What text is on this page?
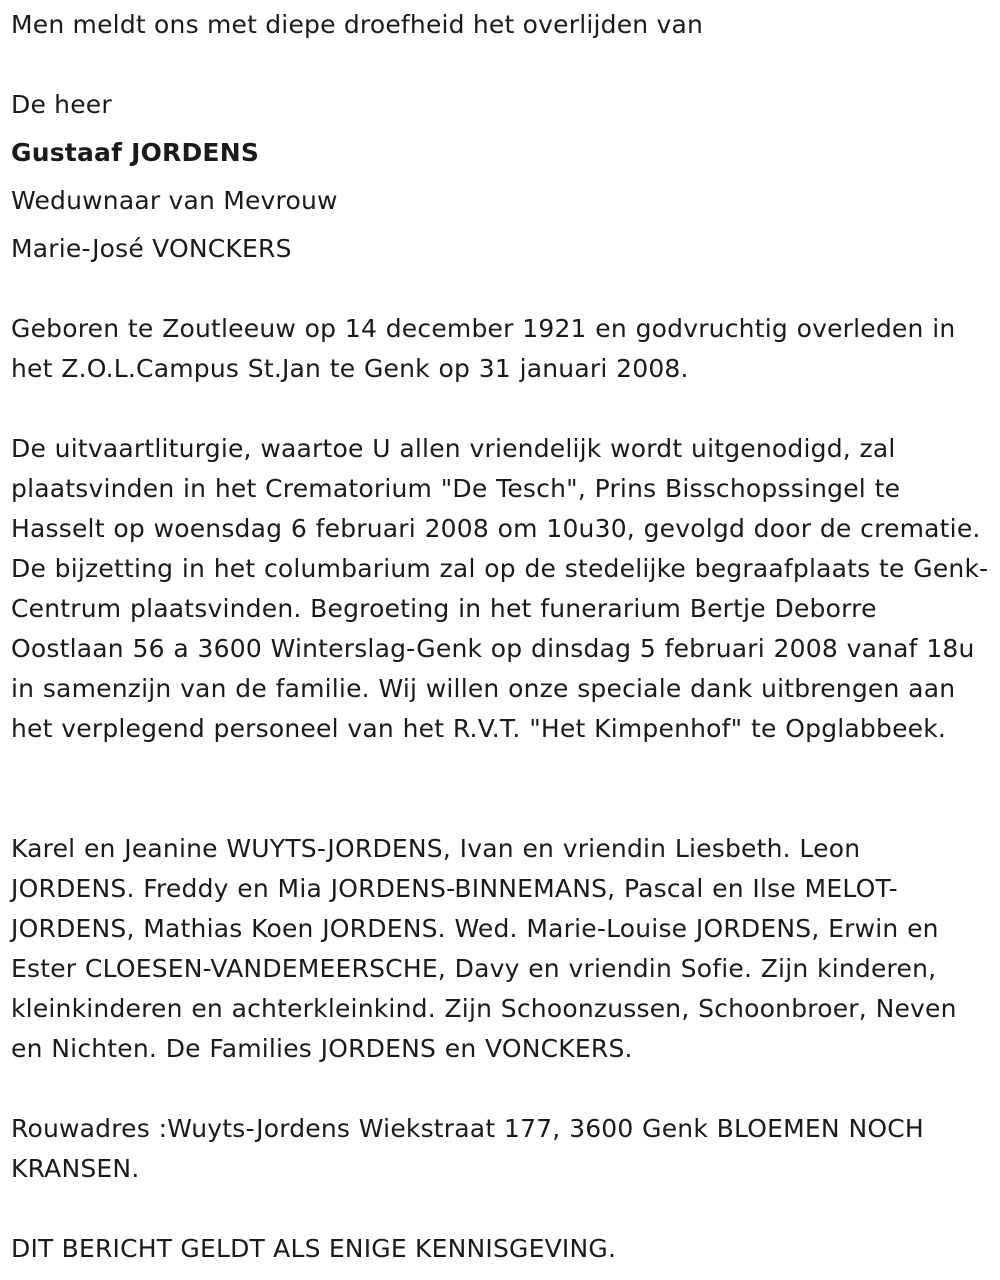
Men meldt ons met diepe droefheid het overlijden van
De heer
Gustaaf JORDENS
Weduwnaar van Mevrouw
Marie-José VONCKERS
Geboren te Zoutleeuw op 14 december 1921 en godvruchtig overleden in het Z.O.L.Campus St.Jan te Genk op 31 januari 2008.
De uitvaartliturgie, waartoe U allen vriendelijk wordt uitgenodigd, zal plaatsvinden in het Crematorium "De Tesch", Prins Bisschopssingel te Hasselt op woensdag 6 februari 2008 om 10u30, gevolgd door de crematie. De bijzetting in het columbarium zal op de stedelijke begraafplaats te Genk-Centrum plaatsvinden. Begroeting in het funerarium Bertje Deborre Oostlaan 56 a 3600 Winterslag-Genk op dinsdag 5 februari 2008 vanaf 18u in samenzijn van de familie. Wij willen onze speciale dank uitbrengen aan het verplegend personeel van het R.V.T. "Het Kimpenhof" te Opglabbeek.
Karel en Jeanine WUYTS-JORDENS, Ivan en vriendin Liesbeth. Leon JORDENS. Freddy en Mia JORDENS-BINNEMANS, Pascal en Ilse MELOT-JORDENS, Mathias Koen JORDENS. Wed. Marie-Louise JORDENS, Erwin en Ester CLOESEN-VANDEMEERSCHE, Davy en vriendin Sofie. Zijn kinderen, kleinkinderen en achterkleinkind. Zijn Schoonzussen, Schoonbroer, Neven en Nichten. De Families JORDENS en VONCKERS.
Rouwadres :Wuyts-Jordens Wiekstraat 177, 3600 Genk BLOEMEN NOCH KRANSEN.
DIT BERICHT GELDT ALS ENIGE KENNISGEVING.
